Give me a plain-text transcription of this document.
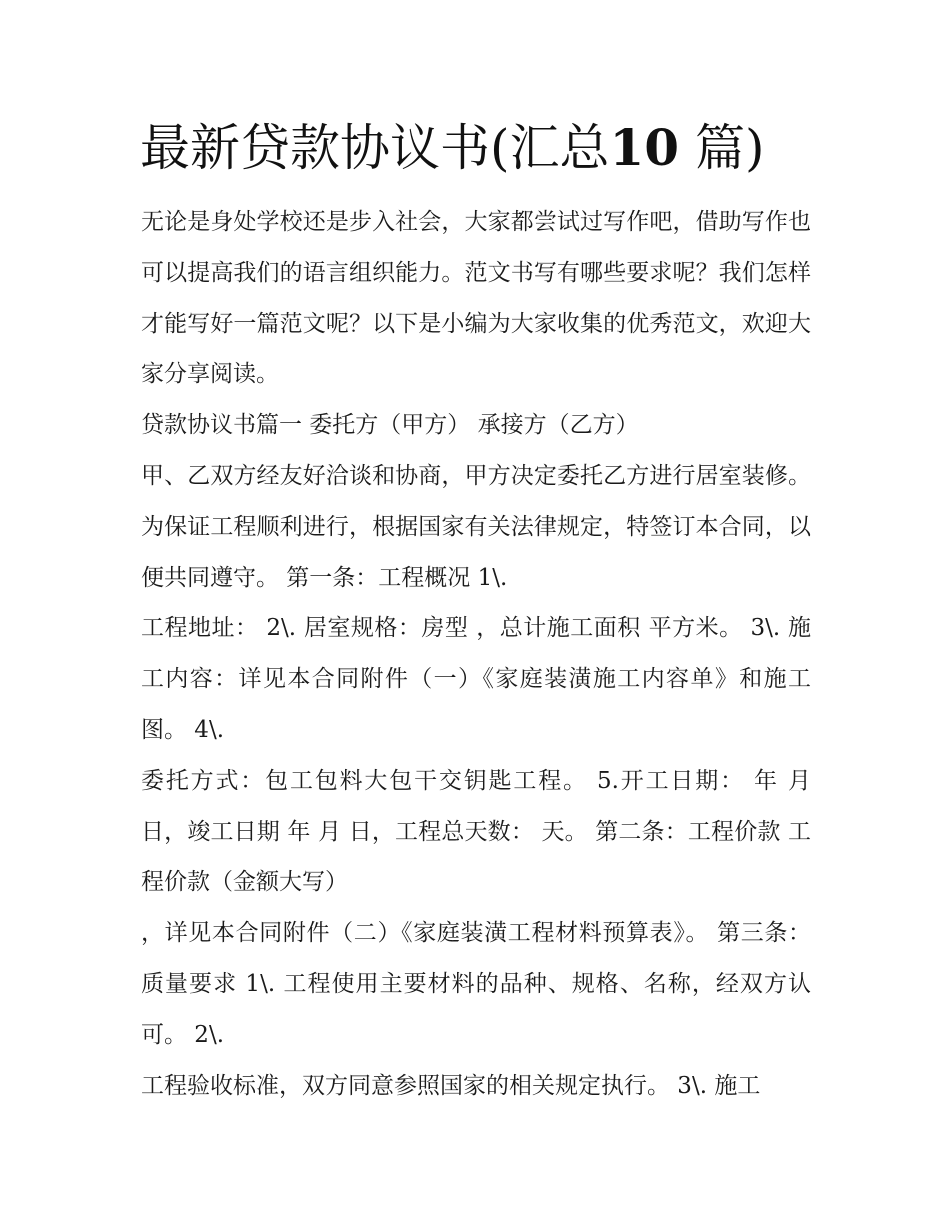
最新贷款协议书(汇总10 篇)

无论是身处学校还是步入社会，大家都尝试过写作吧，借助写作也可以提高我们的语言组织能力。范文书写有哪些要求呢？我们怎样才能写好一篇范文呢？以下是小编为大家收集的优秀范文，欢迎大家分享阅读。

贷款协议书篇一 委托方（甲方） 承接方（乙方）

甲、乙双方经友好洽谈和协商，甲方决定委托乙方进行居室装修。为保证工程顺利进行，根据国家有关法律规定，特签订本合同，以便共同遵守。 第一条：工程概况 1\.

工程地址： 2\. 居室规格：房型 ，总计施工面积 平方米。 3\. 施工内容：详见本合同附件（一）《家庭装潢施工内容单》和施工图。 4\.

委托方式：包工包料大包干交钥匙工程。 5.开工日期： 年 月 日，竣工日期 年 月 日，工程总天数： 天。 第二条：工程价款 工程价款（金额大写）

，详见本合同附件（二）《家庭装潢工程材料预算表》。 第三条：质量要求 1\. 工程使用主要材料的品种、规格、名称，经双方认可。 2\.

工程验收标准，双方同意参照国家的相关规定执行。 3\. 施工
